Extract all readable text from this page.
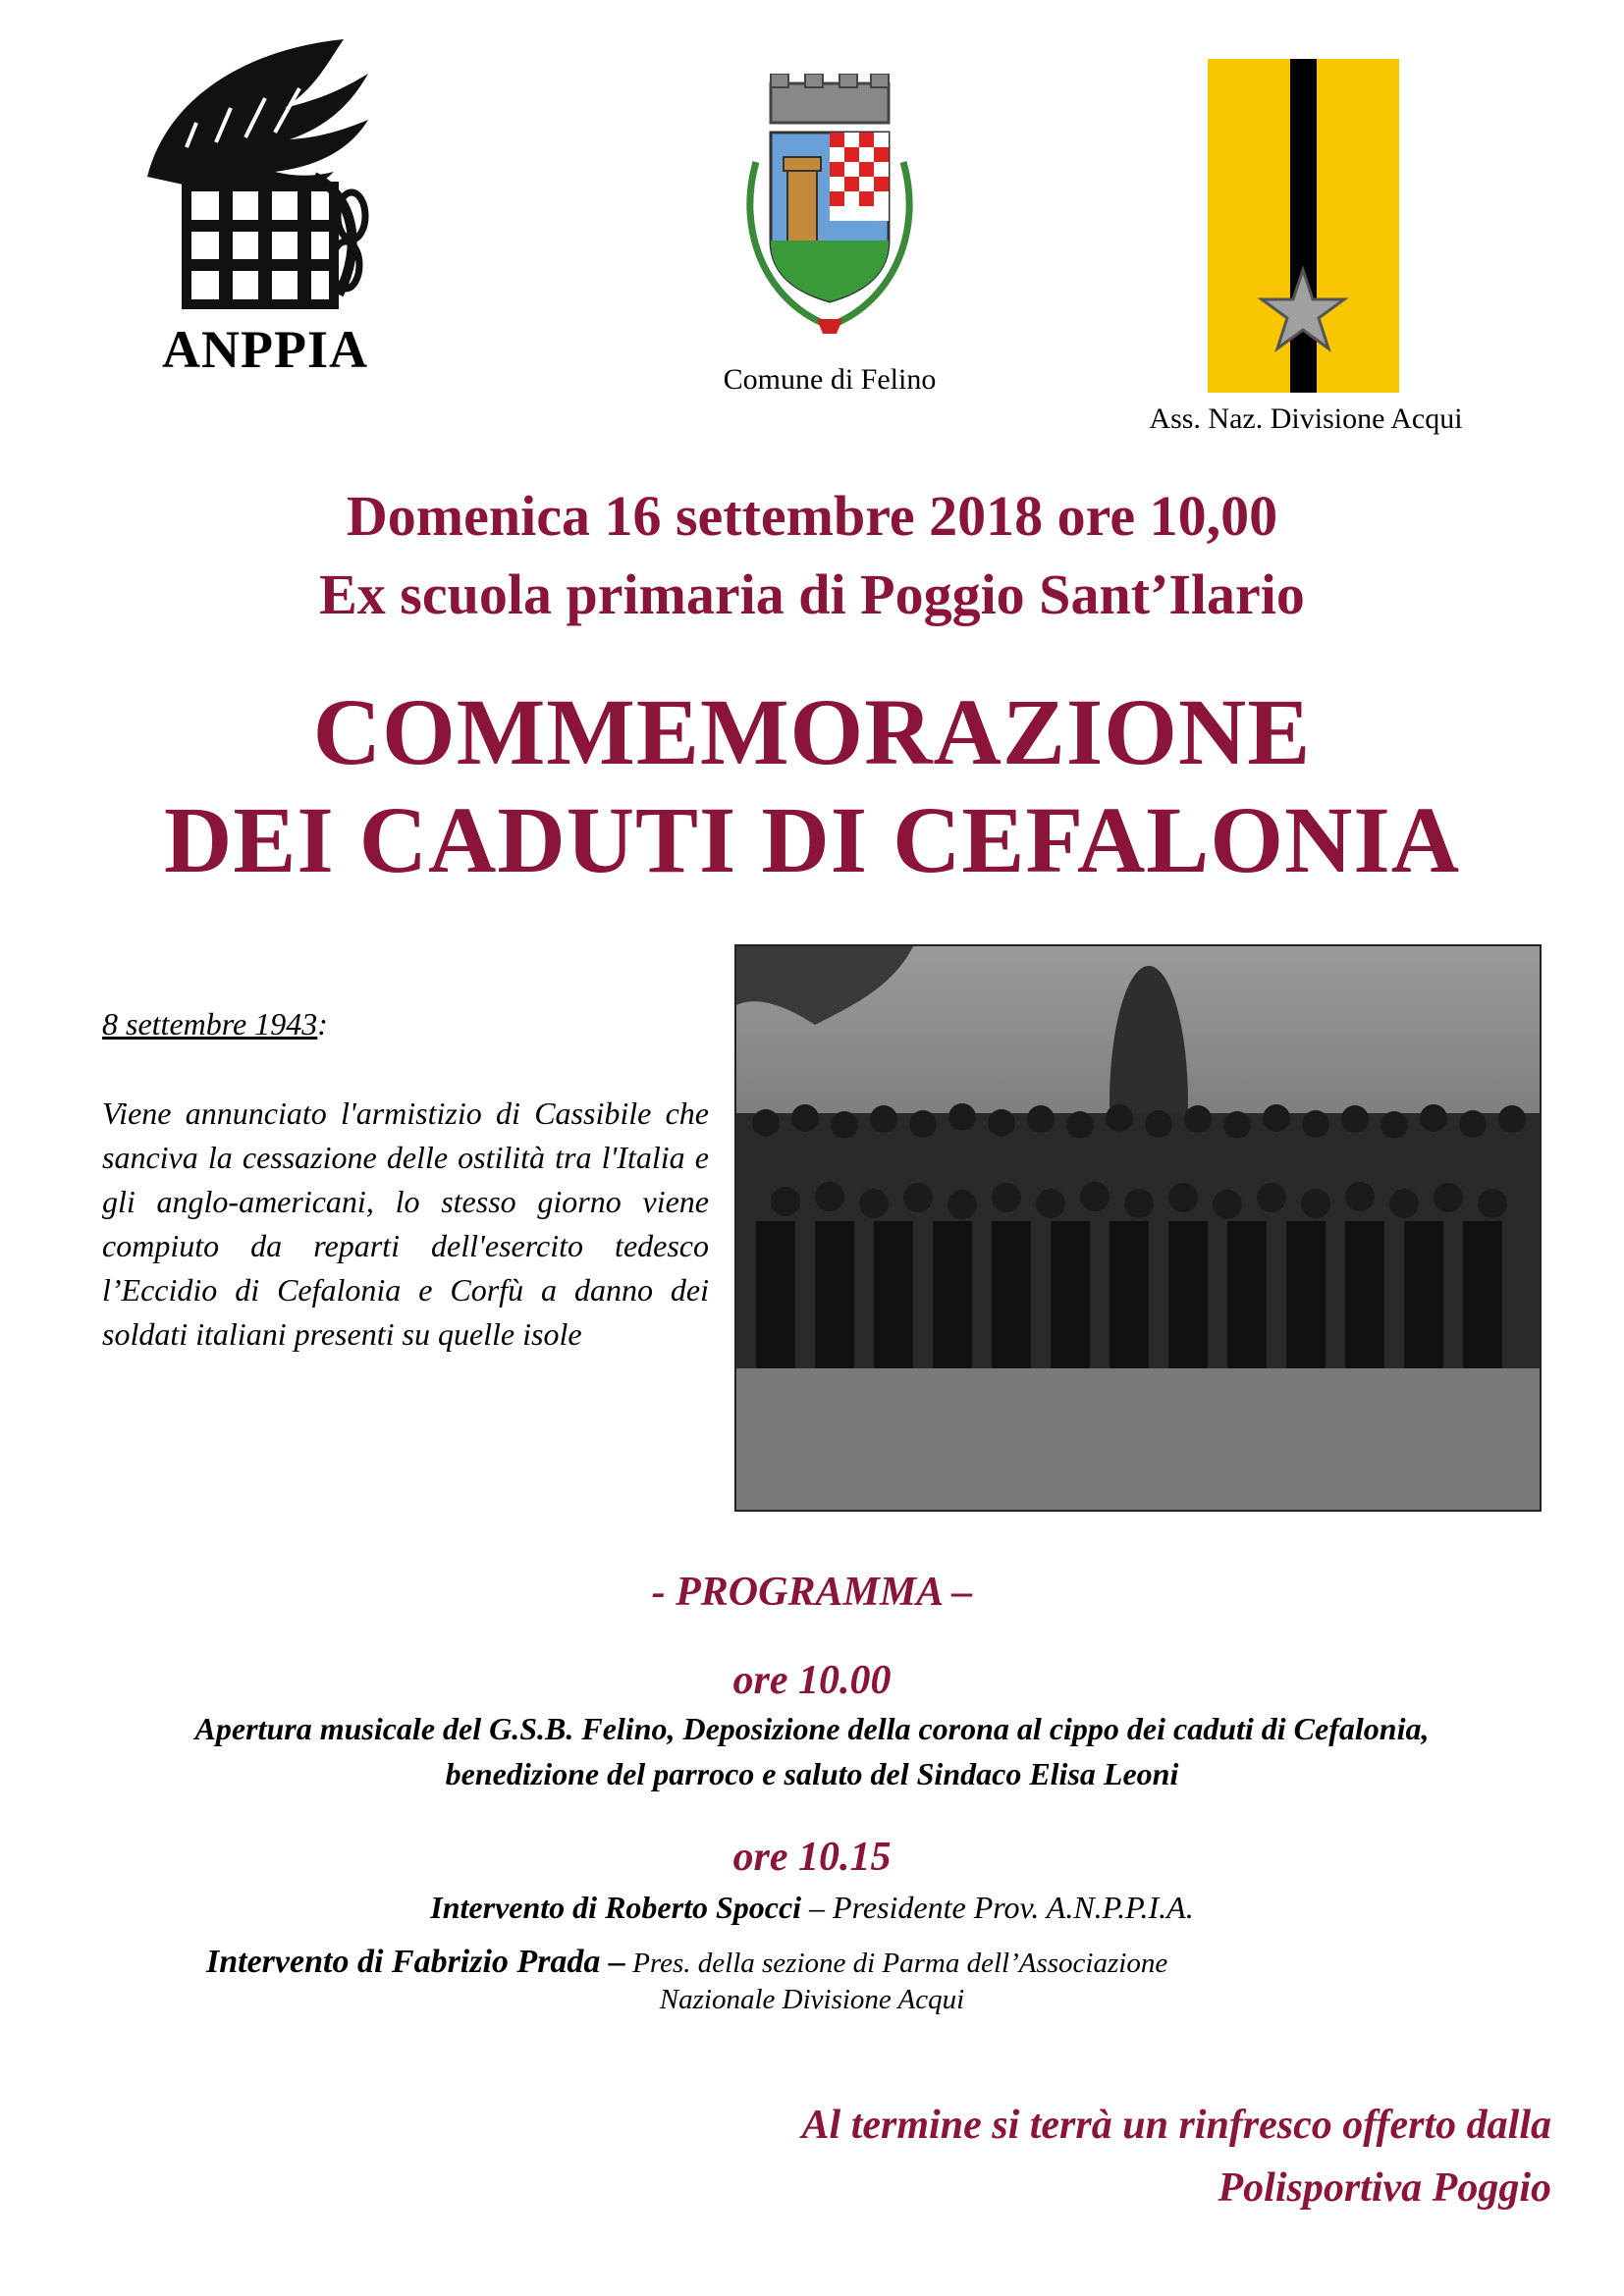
ANPPIA
Comune di Felino
Ass. Naz. Divisione Acqui
Domenica 16 settembre 2018 ore 10,00
Ex scuola primaria di Poggio Sant’Ilario
COMMEMORAZIONE
DEI CADUTI DI CEFALONIA
8 settembre 1943:
Viene annunciato l'armistizio di Cassibile che sanciva la cessazione delle ostilità tra l'Italia e gli anglo-americani, lo stesso giorno viene compiuto da reparti dell'esercito tedesco l’Eccidio di Cefalonia e Corfù a danno dei soldati italiani presenti su quelle isole
- PROGRAMMA –
ore 10.00
Apertura musicale del G.S.B. Felino, Deposizione della corona al cippo dei caduti di Cefalonia, benedizione del parroco e saluto del Sindaco Elisa Leoni
ore 10.15
Intervento di Roberto Spocci – Presidente Prov. A.N.P.P.I.A.
Intervento di Fabrizio Prada – Pres. della sezione di Parma dell’Associazione
Nazionale Divisione Acqui
Al termine si terrà un rinfresco offerto dalla
Polisportiva Poggio
